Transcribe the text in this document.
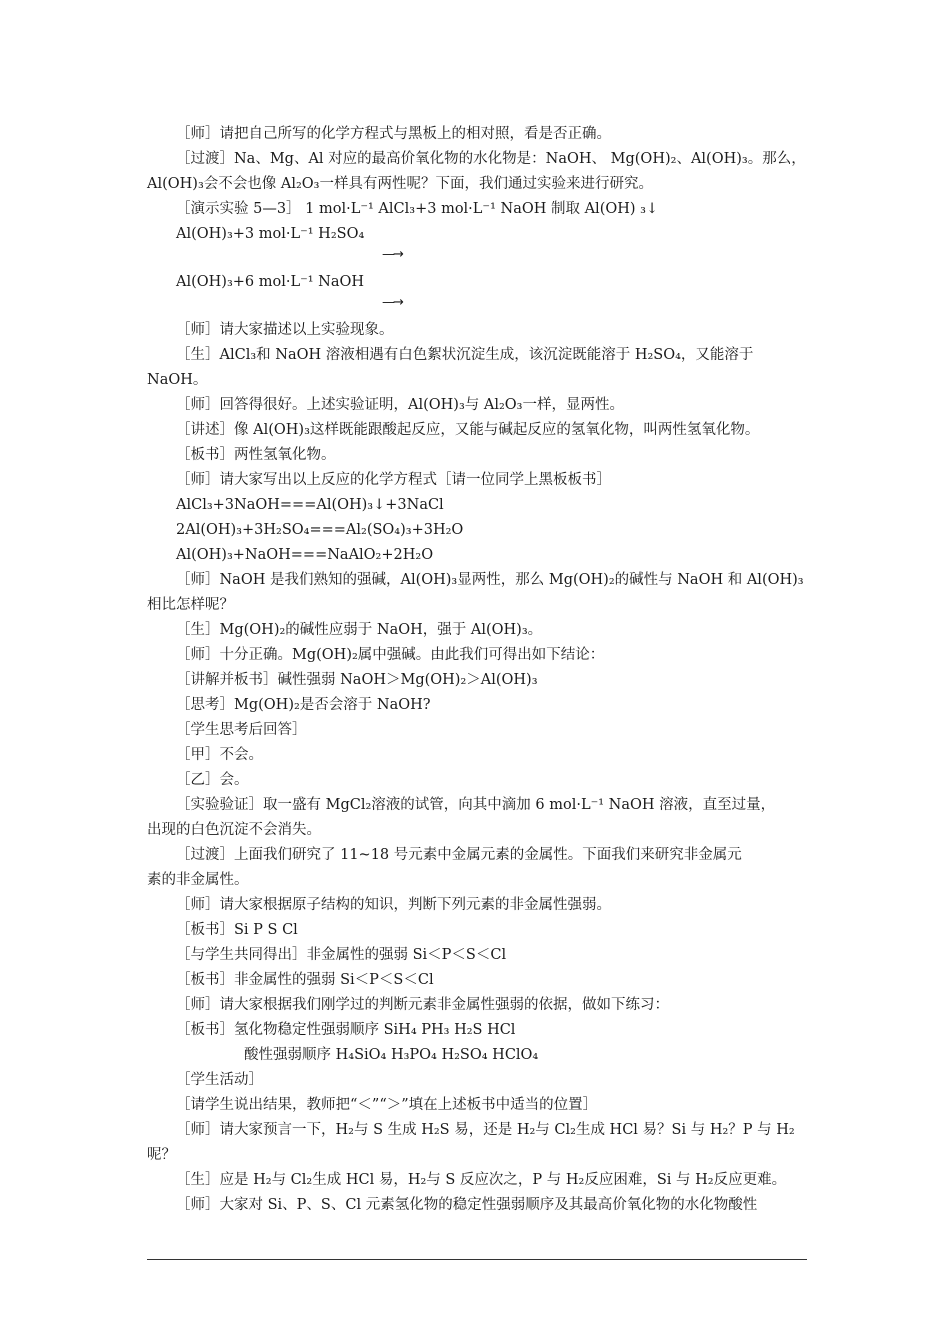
［师］请把自己所写的化学方程式与黑板上的相对照，看是否正确。

［过渡］Na、Mg、Al 对应的最高价氧化物的水化物是：NaOH、 Mg(OH)₂、Al(OH)₃。那么，

Al(OH)₃会不会也像 Al₂O₃一样具有两性呢？下面，我们通过实验来进行研究。

［演示实验 5—3］ 1 mol·L⁻¹ AlCl₃+3 mol·L⁻¹ NaOH 制取 Al(OH) ₃↓

Al(OH)₃+3 mol·L⁻¹ H₂SO₄
—→
Al(OH)₃+6 mol·L⁻¹ NaOH
—→

［师］请大家描述以上实验现象。

［生］AlCl₃和 NaOH 溶液相遇有白色絮状沉淀生成，该沉淀既能溶于 H₂SO₄，又能溶于

NaOH。

［师］回答得很好。上述实验证明，Al(OH)₃与 Al₂O₃一样，显两性。

［讲述］像 Al(OH)₃这样既能跟酸起反应，又能与碱起反应的氢氧化物，叫两性氢氧化物。

［板书］两性氢氧化物。

［师］请大家写出以上反应的化学方程式［请一位同学上黑板板书］

AlCl₃+3NaOH===Al(OH)₃↓+3NaCl

2Al(OH)₃+3H₂SO₄===Al₂(SO₄)₃+3H₂O

Al(OH)₃+NaOH===NaAlO₂+2H₂O

［师］NaOH 是我们熟知的强碱，Al(OH)₃显两性，那么 Mg(OH)₂的碱性与 NaOH 和 Al(OH)₃

相比怎样呢？

［生］Mg(OH)₂的碱性应弱于 NaOH，强于 Al(OH)₃。

［师］十分正确。Mg(OH)₂属中强碱。由此我们可得出如下结论：

［讲解并板书］碱性强弱 NaOH＞Mg(OH)₂＞Al(OH)₃

［思考］Mg(OH)₂是否会溶于 NaOH?

［学生思考后回答］

［甲］不会。

［乙］会。

［实验验证］取一盛有 MgCl₂溶液的试管，向其中滴加 6 mol·L⁻¹ NaOH 溶液，直至过量，

出现的白色沉淀不会消失。

［过渡］上面我们研究了 11~18 号元素中金属元素的金属性。下面我们来研究非金属元

素的非金属性。

［师］请大家根据原子结构的知识，判断下列元素的非金属性强弱。

［板书］Si P S Cl

［与学生共同得出］非金属性的强弱 Si＜P＜S＜Cl

［板书］非金属性的强弱 Si＜P＜S＜Cl

［师］请大家根据我们刚学过的判断元素非金属性强弱的依据，做如下练习：

［板书］氢化物稳定性强弱顺序 SiH₄ PH₃ H₂S HCl

酸性强弱顺序 H₄SiO₄ H₃PO₄ H₂SO₄ HClO₄

［学生活动］

［请学生说出结果，教师把“＜”“＞”填在上述板书中适当的位置］

［师］请大家预言一下，H₂与 S 生成 H₂S 易，还是 H₂与 Cl₂生成 HCl 易？Si 与 H₂？P 与 H₂

呢？

［生］应是 H₂与 Cl₂生成 HCl 易，H₂与 S 反应次之，P 与 H₂反应困难，Si 与 H₂反应更难。

［师］大家对 Si、P、S、Cl 元素氢化物的稳定性强弱顺序及其最高价氧化物的水化物酸性
